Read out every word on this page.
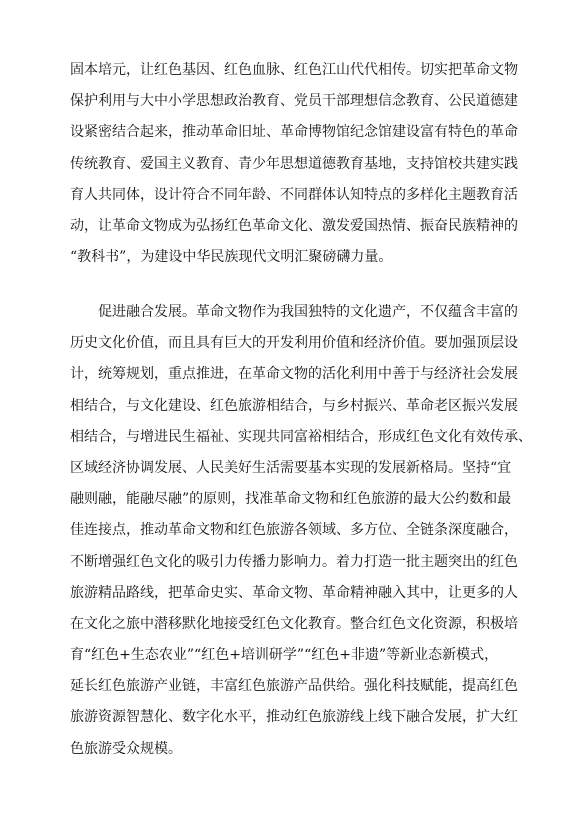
固本培元，让红色基因、红色血脉、红色江山代代相传。切实把革命文物
保护利用与大中小学思想政治教育、党员干部理想信念教育、公民道德建
设紧密结合起来，推动革命旧址、革命博物馆纪念馆建设富有特色的革命
传统教育、爱国主义教育、青少年思想道德教育基地，支持馆校共建实践
育人共同体，设计符合不同年龄、不同群体认知特点的多样化主题教育活
动，让革命文物成为弘扬红色革命文化、激发爱国热情、振奋民族精神的
“教科书”，为建设中华民族现代文明汇聚磅礴力量。
促进融合发展。革命文物作为我国独特的文化遗产，不仅蕴含丰富的
历史文化价值，而且具有巨大的开发利用价值和经济价值。要加强顶层设
计，统筹规划，重点推进，在革命文物的活化利用中善于与经济社会发展
相结合，与文化建设、红色旅游相结合，与乡村振兴、革命老区振兴发展
相结合，与增进民生福祉、实现共同富裕相结合，形成红色文化有效传承、
区域经济协调发展、人民美好生活需要基本实现的发展新格局。坚持“宜
融则融，能融尽融”的原则，找准革命文物和红色旅游的最大公约数和最
佳连接点，推动革命文物和红色旅游各领域、多方位、全链条深度融合，
不断增强红色文化的吸引力传播力影响力。着力打造一批主题突出的红色
旅游精品路线，把革命史实、革命文物、革命精神融入其中，让更多的人
在文化之旅中潜移默化地接受红色文化教育。整合红色文化资源，积极培
育“红色+生态农业”“红色+培训研学”“红色+非遗”等新业态新模式，
延长红色旅游产业链，丰富红色旅游产品供给。强化科技赋能，提高红色
旅游资源智慧化、数字化水平，推动红色旅游线上线下融合发展，扩大红
色旅游受众规模。
